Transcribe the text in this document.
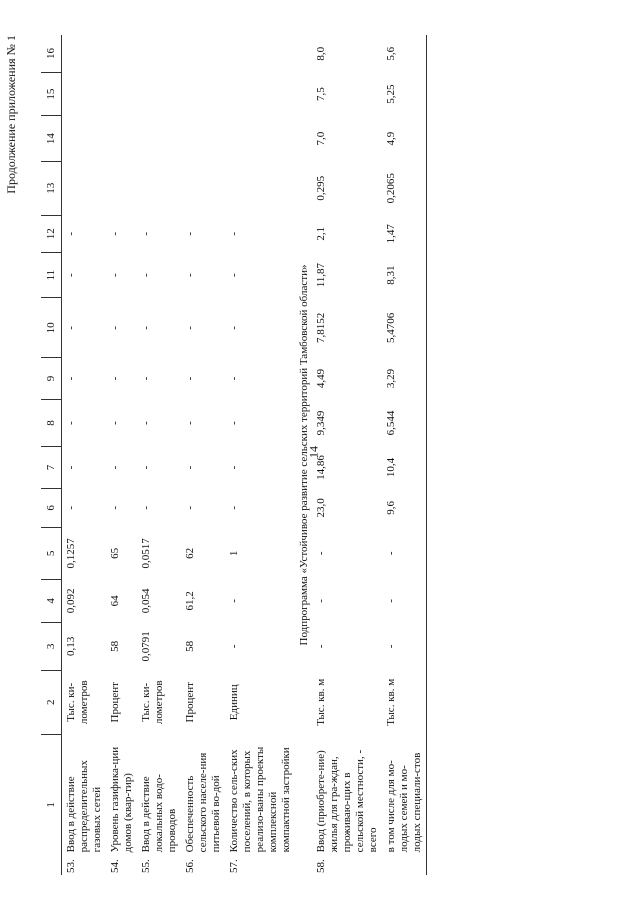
14
Продолжение приложения № 1
1		2	3	4	5	6	7	8	9	10	11	12	13	14	15	16
53.	Ввод в действие распределительных газовых сетей	Тыс. ки-лометров	0,13	0,092	0,1257	-	-	-	-	-	-	-				
54.	Уровень газифика-ции домов (квар-тир)	Процент	58	64	65	-	-	-	-	-	-	-				
55.	Ввод в действие локальных водо-проводов	Тыс. ки-лометров	0,0791	0,054	0,0517	-	-	-	-	-	-	-				
56.	Обеспеченность сельского населе-ния питьевой во-дой	Процент	58	61,2	62	-	-	-	-	-	-	-				
57.	Количество сель-ских поселений, в которых реализо-ваны проекты комплексной компактной застройки	Единиц	-	-	1	-	-	-	-	-	-	-				
Подпрограмма «Устойчивое развитие сельских территорий Тамбовской области»																
58.	Ввод (приобрете-ние) жилья для гра-ждан, проживаю-щих в сельской местности, - всего	Тыс. кв. м	-	-	-	23,0	14,86	9,349	4,49	7,8152	11,87	2,1	0,295	7,0	7,5	8,0
	в том числе для мо-лодых семей и мо-лодых специали-стов	Тыс. кв. м	-	-	-	9,6	10,4	6,544	3,29	5,4706	8,31	1,47	0,2065	4,9	5,25	5,6
